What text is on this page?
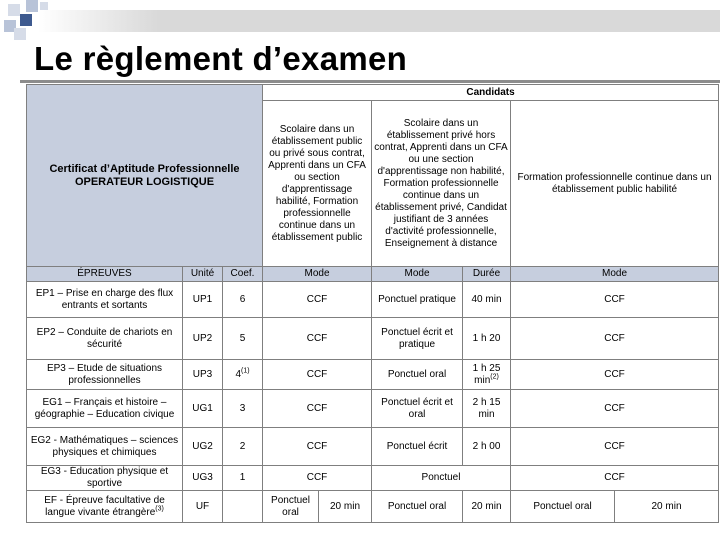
Le règlement d’examen
Certificat d’Aptitude Professionnelle OPERATEUR LOGISTIQUE			Candidats					
			Scolaire dans un établissement public ou privé sous contrat, Apprenti dans un CFA ou section d'apprentissage habilité, Formation professionnelle continue dans un établissement public		Scolaire dans un établissement privé hors contrat, Apprenti dans un CFA ou une section d'apprentissage non habilité, Formation professionnelle continue dans un établissement privé, Candidat justifiant de 3 années d'activité professionnelle, Enseignement à distance		Formation professionnelle continue dans un établissement public habilité	
ÉPREUVES	Unité	Coef.	Mode		Mode	Durée	Mode	
EP1 – Prise en charge des flux entrants et sortants	UP1	6	CCF		Ponctuel pratique	40 min	CCF	
EP2 – Conduite de chariots en sécurité	UP2	5	CCF		Ponctuel écrit et pratique	1 h 20	CCF	
EP3 – Etude de situations professionnelles	UP3	4$^{(1)}$	CCF		Ponctuel oral	1 h 25 $\min^{(2)}$	CCF	
EG1 – Français et histoire – géographie – Education civique	UG1	3	CCF		Ponctuel écrit et oral	2 h 15 min	CCF	
EG2 - Mathématiques – sciences physiques et chimiques	UG2	2	CCF		Ponctuel écrit	2 h 00	CCF	
EG3 - Éducation physique et sportive	UG3	1	CCF		Ponctuel		CCF	
EF - Épreuve facultative de langue vivante étrangère$^{(3)}$	UF		Ponctuel oral	20 min	Ponctuel oral	20 min	Ponctuel oral	20 min
